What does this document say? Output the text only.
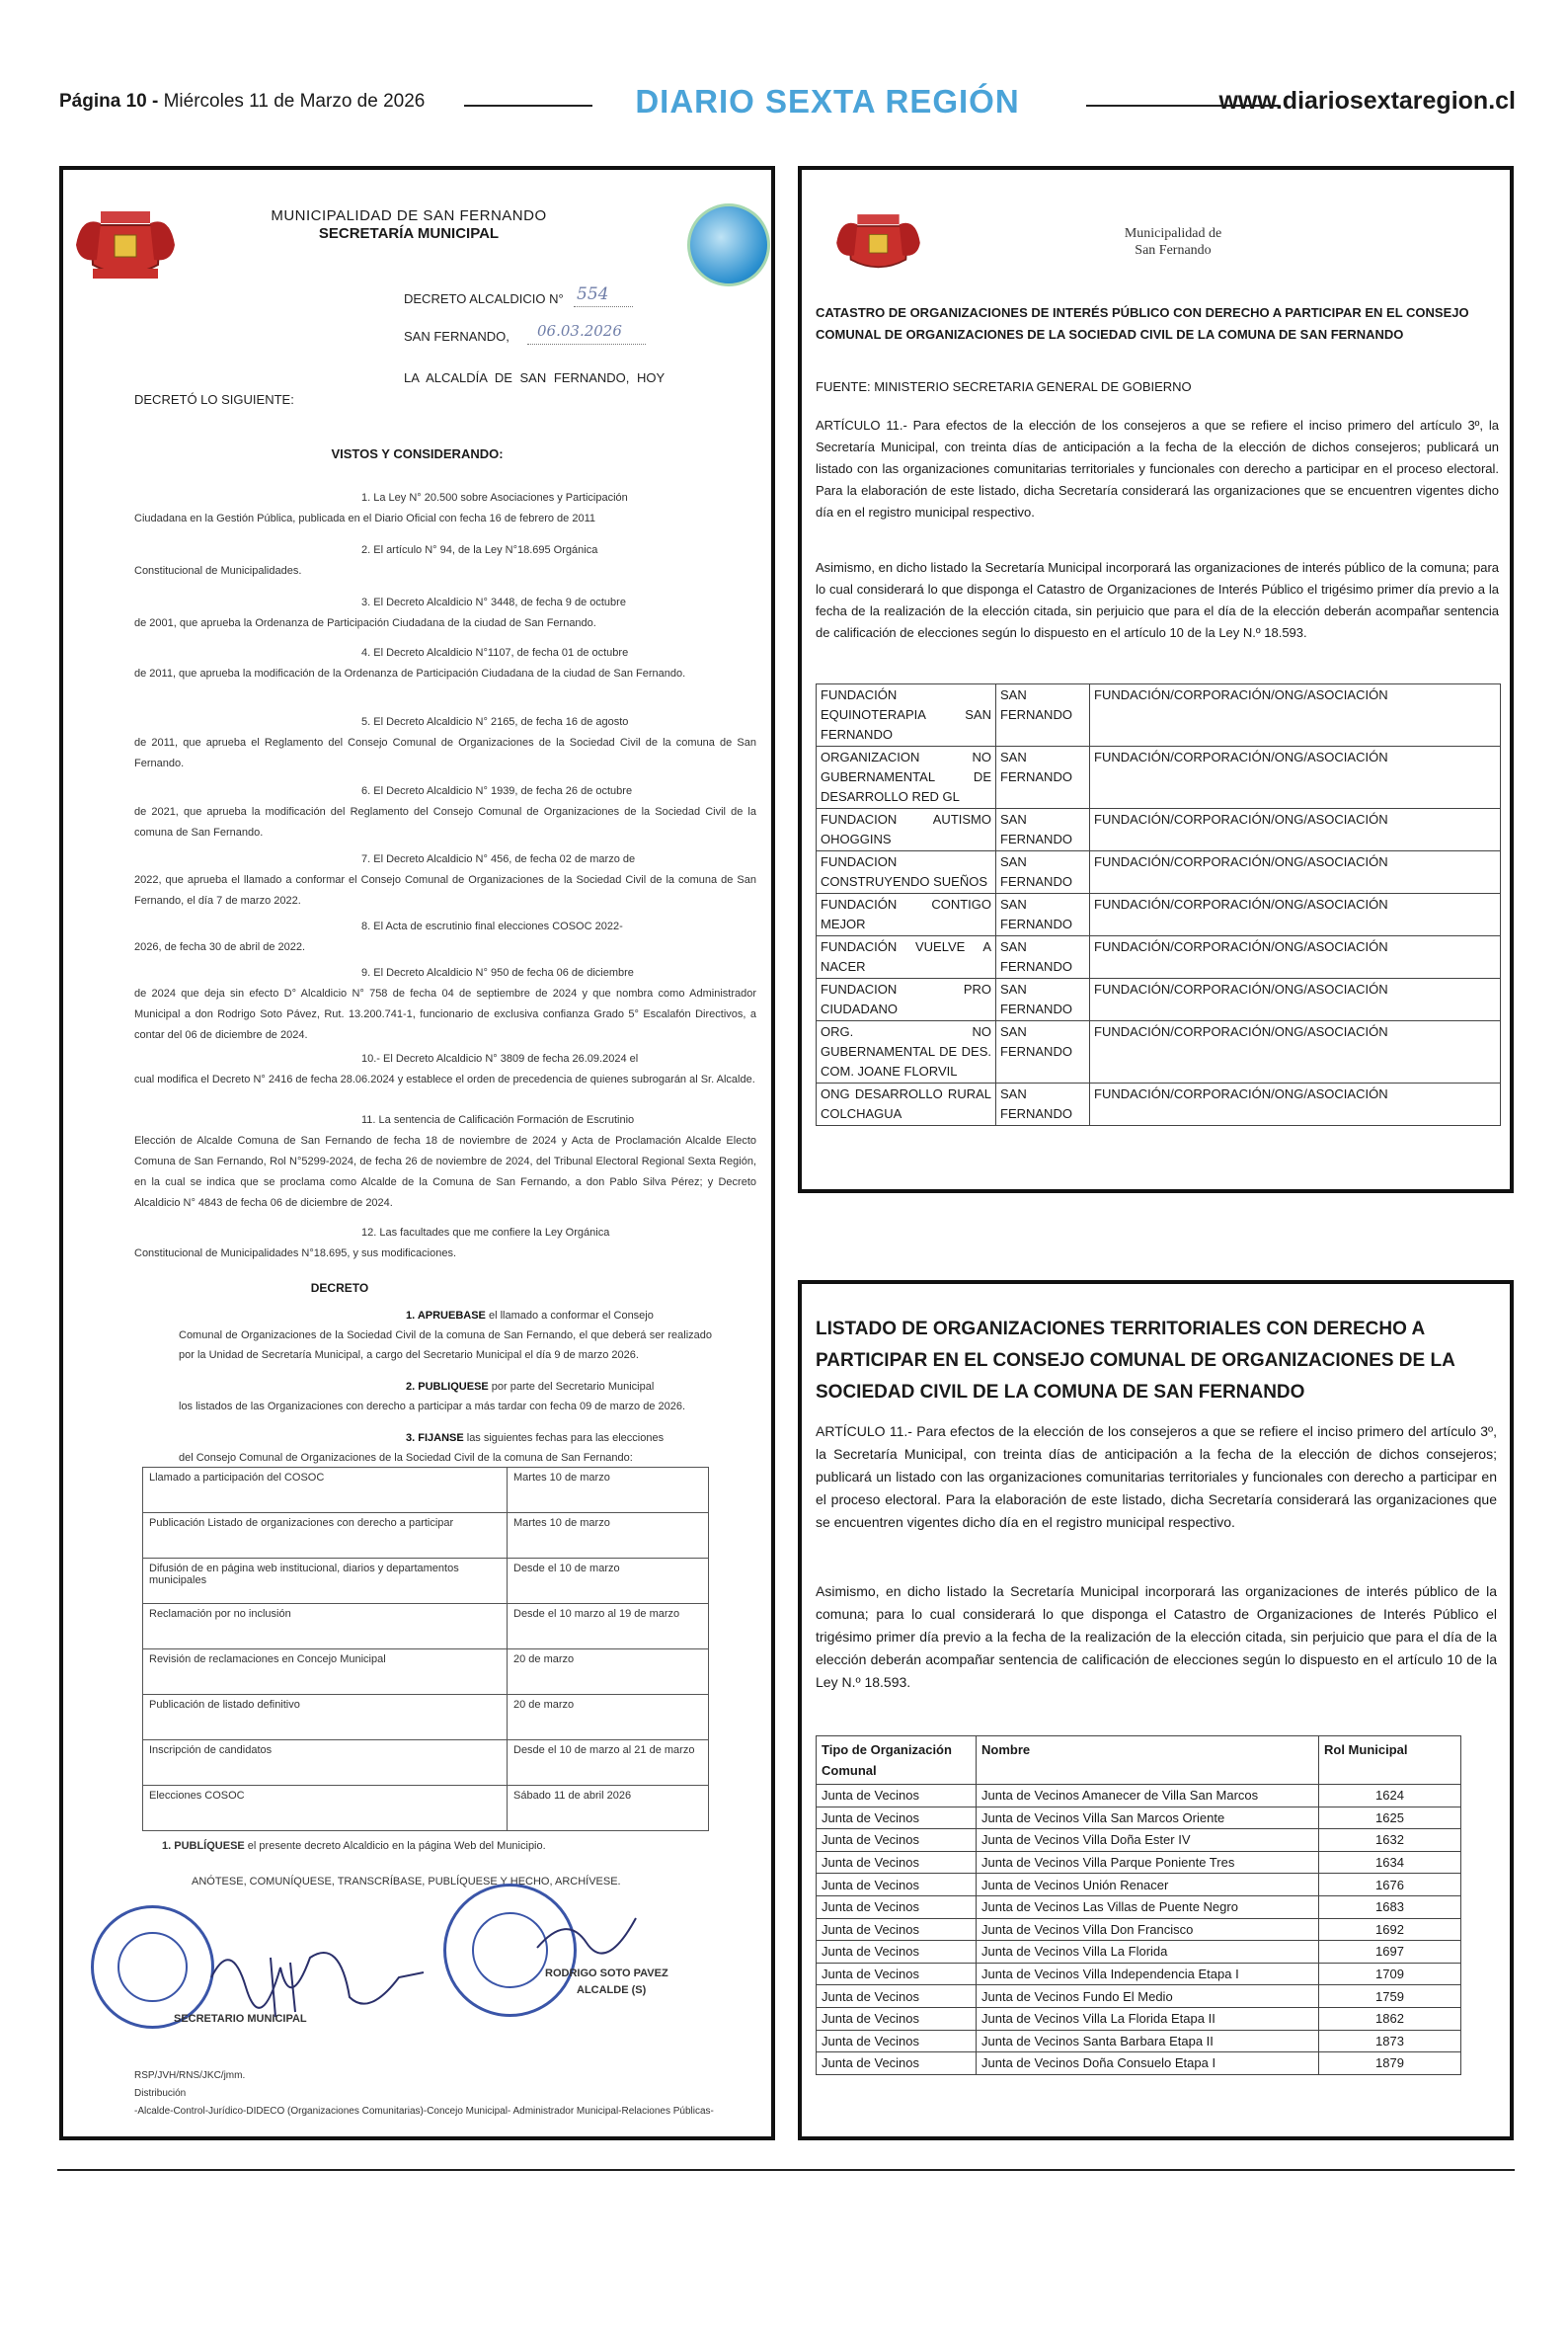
Página 10 - Miércoles 11 de Marzo de 2026	DIARIO SEXTA REGIÓN	www.diariosextaregion.cl
MUNICIPALIDAD DE SAN FERNANDO
SECRETARÍA MUNICIPAL
DECRETO ALCALDICIO N° 554
SAN FERNANDO, 06.03.2026
LA ALCALDÍA DE SAN FERNANDO, HOY
DECRETÓ LO SIGUIENTE:
VISTOS Y CONSIDERANDO:
1. La Ley N° 20.500 sobre Asociaciones y Participación
Ciudadana en la Gestión Pública, publicada en el Diario Oficial con fecha 16 de febrero de 2011
2. El artículo N° 94, de la Ley N°18.695 Orgánica
Constitucional de Municipalidades.
3. El Decreto Alcaldicio N° 3448, de fecha 9 de octubre
de 2001, que aprueba la Ordenanza de Participación Ciudadana de la ciudad de San Fernando.
4. El Decreto Alcaldicio N°1107, de fecha 01 de octubre
de 2011, que aprueba la modificación de la Ordenanza de Participación Ciudadana de la ciudad de San Fernando.
5. El Decreto Alcaldicio N° 2165, de fecha 16 de agosto
de 2011, que aprueba el Reglamento del Consejo Comunal de Organizaciones de la Sociedad Civil de la comuna de San Fernando.
6. El Decreto Alcaldicio N° 1939, de fecha 26 de octubre
de 2021, que aprueba la modificación del Reglamento del Consejo Comunal de Organizaciones de la Sociedad Civil de la comuna de San Fernando.
7. El Decreto Alcaldicio N° 456, de fecha 02 de marzo de
2022, que aprueba el llamado a conformar el Consejo Comunal de Organizaciones de la Sociedad Civil de la comuna de San Fernando, el día 7 de marzo 2022.
8. El Acta de escrutinio final elecciones COSOC 2022-
2026, de fecha 30 de abril de 2022.
9. El Decreto Alcaldicio N° 950 de fecha 06 de diciembre
de 2024 que deja sin efecto D° Alcaldicio N° 758 de fecha 04 de septiembre de 2024 y que nombra como Administrador Municipal a don Rodrigo Soto Pávez, Rut. 13.200.741-1, funcionario de exclusiva confianza Grado 5° Escalafón Directivos, a contar del 06 de diciembre de 2024.
10.- El Decreto Alcaldicio N° 3809 de fecha 26.09.2024 el
cual modifica el Decreto N° 2416 de fecha 28.06.2024 y establece el orden de precedencia de quienes subrogarán al Sr. Alcalde.
11. La sentencia de Calificación Formación de Escrutinio
Elección de Alcalde Comuna de San Fernando de fecha 18 de noviembre de 2024 y Acta de Proclamación Alcalde Electo Comuna de San Fernando, Rol N°5299-2024, de fecha 26 de noviembre de 2024, del Tribunal Electoral Regional Sexta Región, en la cual se indica que se proclama como Alcalde de la Comuna de San Fernando, a don Pablo Silva Pérez; y Decreto Alcaldicio N° 4843 de fecha 06 de diciembre de 2024.
12. Las facultades que me confiere la Ley Orgánica
Constitucional de Municipalidades N°18.695, y sus modificaciones.
DECRETO
1. APRUEBASE el llamado a conformar el Consejo
Comunal de Organizaciones de la Sociedad Civil de la comuna de San Fernando, el que deberá ser realizado por la Unidad de Secretaría Municipal, a cargo del Secretario Municipal el día 9 de marzo 2026.
2. PUBLIQUESE por parte del Secretario Municipal
los listados de las Organizaciones con derecho a participar a más tardar con fecha 09 de marzo de 2026.
3. FIJANSE las siguientes fechas para las elecciones
del Consejo Comunal de Organizaciones de la Sociedad Civil de la comuna de San Fernando:
Llamado a participación del COSOC	Martes 10 de marzo
Publicación Listado de organizaciones con derecho a participar	Martes 10 de marzo
Difusión de en página web institucional, diarios y departamentos municipales	Desde el 10 de marzo
Reclamación por no inclusión	Desde el 10 marzo al 19 de marzo
Revisión de reclamaciones en Concejo Municipal	20 de marzo
Publicación de listado definitivo	20 de marzo
Inscripción de candidatos	Desde el 10 de marzo al 21 de marzo
Elecciones COSOC	Sábado 11 de abril 2026
1. PUBLÍQUESE el presente decreto Alcaldicio en la página Web del Municipio.
ANÓTESE, COMUNÍQUESE, TRANSCRÍBASE, PUBLÍQUESE Y HECHO, ARCHÍVESE.
SECRETARIO MUNICIPAL
RODRIGO SOTO PAVEZ
ALCALDE (S)
RSP/JVH/RNS/JKC/jmm.
Distribución
-Alcalde-Control-Jurídico-DIDECO (Organizaciones Comunitarias)-Concejo Municipal- Administrador Municipal-Relaciones Públicas-
Municipalidad de
San Fernando
CATASTRO DE ORGANIZACIONES DE INTERÉS PÚBLICO CON DERECHO A PARTICIPAR EN EL CONSEJO COMUNAL DE ORGANIZACIONES DE LA SOCIEDAD CIVIL DE LA COMUNA DE SAN FERNANDO
FUENTE: MINISTERIO SECRETARIA GENERAL DE GOBIERNO
ARTÍCULO 11.- Para efectos de la elección de los consejeros a que se refiere el inciso primero del artículo 3º, la Secretaría Municipal, con treinta días de anticipación a la fecha de la elección de dichos consejeros; publicará un listado con las organizaciones comunitarias territoriales y funcionales con derecho a participar en el proceso electoral. Para la elaboración de este listado, dicha Secretaría considerará las organizaciones que se encuentren vigentes dicho día en el registro municipal respectivo.
Asimismo, en dicho listado la Secretaría Municipal incorporará las organizaciones de interés público de la comuna; para lo cual considerará lo que disponga el Catastro de Organizaciones de Interés Público el trigésimo primer día previo a la fecha de la realización de la elección citada, sin perjuicio que para el día de la elección deberán acompañar sentencia de calificación de elecciones según lo dispuesto en el artículo 10 de la Ley N.º 18.593.
FUNDACIÓN EQUINOTERAPIA SAN FERNANDO	SAN FERNANDO	FUNDACIÓN/CORPORACIÓN/ONG/ASOCIACIÓN
ORGANIZACION NO GUBERNAMENTAL DE DESARROLLO RED GL	SAN FERNANDO	FUNDACIÓN/CORPORACIÓN/ONG/ASOCIACIÓN
FUNDACION AUTISMO OHOGGINS	SAN FERNANDO	FUNDACIÓN/CORPORACIÓN/ONG/ASOCIACIÓN
FUNDACION CONSTRUYENDO SUEÑOS	SAN FERNANDO	FUNDACIÓN/CORPORACIÓN/ONG/ASOCIACIÓN
FUNDACIÓN CONTIGO MEJOR	SAN FERNANDO	FUNDACIÓN/CORPORACIÓN/ONG/ASOCIACIÓN
FUNDACIÓN VUELVE A NACER	SAN FERNANDO	FUNDACIÓN/CORPORACIÓN/ONG/ASOCIACIÓN
FUNDACION PRO CIUDADANO	SAN FERNANDO	FUNDACIÓN/CORPORACIÓN/ONG/ASOCIACIÓN
ORG. NO GUBERNAMENTAL DE DES. COM. JOANE FLORVIL	SAN FERNANDO	FUNDACIÓN/CORPORACIÓN/ONG/ASOCIACIÓN
ONG DESARROLLO RURAL COLCHAGUA	SAN FERNANDO	FUNDACIÓN/CORPORACIÓN/ONG/ASOCIACIÓN
LISTADO DE ORGANIZACIONES TERRITORIALES CON DERECHO A PARTICIPAR EN EL CONSEJO COMUNAL DE ORGANIZACIONES DE LA SOCIEDAD CIVIL DE LA COMUNA DE SAN FERNANDO
ARTÍCULO 11.- Para efectos de la elección de los consejeros a que se refiere el inciso primero del artículo 3º, la Secretaría Municipal, con treinta días de anticipación a la fecha de la elección de dichos consejeros; publicará un listado con las organizaciones comunitarias territoriales y funcionales con derecho a participar en el proceso electoral. Para la elaboración de este listado, dicha Secretaría considerará las organizaciones que se encuentren vigentes dicho día en el registro municipal respectivo.
Asimismo, en dicho listado la Secretaría Municipal incorporará las organizaciones de interés público de la comuna; para lo cual considerará lo que disponga el Catastro de Organizaciones de Interés Público el trigésimo primer día previo a la fecha de la realización de la elección citada, sin perjuicio que para el día de la elección deberán acompañar sentencia de calificación de elecciones según lo dispuesto en el artículo 10 de la Ley N.º 18.593.
Tipo de Organización Comunal	Nombre	Rol Municipal
Junta de Vecinos	Junta de Vecinos Amanecer de Villa San Marcos	1624
Junta de Vecinos	Junta de Vecinos Villa San Marcos Oriente	1625
Junta de Vecinos	Junta de Vecinos Villa Doña Ester IV	1632
Junta de Vecinos	Junta de Vecinos Villa Parque Poniente Tres	1634
Junta de Vecinos	Junta de Vecinos Unión Renacer	1676
Junta de Vecinos	Junta de Vecinos Las Villas de Puente Negro	1683
Junta de Vecinos	Junta de Vecinos Villa Don Francisco	1692
Junta de Vecinos	Junta de Vecinos Villa La Florida	1697
Junta de Vecinos	Junta de Vecinos Villa Independencia Etapa I	1709
Junta de Vecinos	Junta de Vecinos Fundo El Medio	1759
Junta de Vecinos	Junta de Vecinos Villa La Florida Etapa II	1862
Junta de Vecinos	Junta de Vecinos Santa Barbara Etapa II	1873
Junta de Vecinos	Junta de Vecinos Doña Consuelo Etapa I	1879
